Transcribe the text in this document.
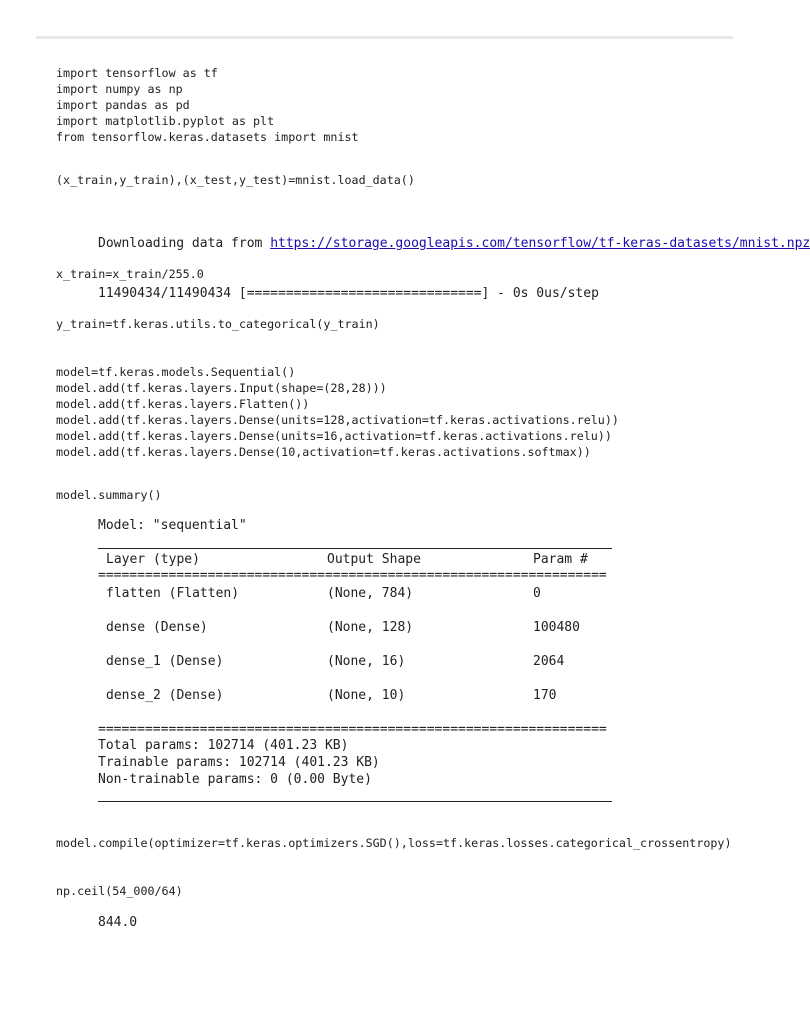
import tensorflow as tf
import numpy as np
import pandas as pd
import matplotlib.pyplot as plt
from tensorflow.keras.datasets import mnist
(x_train,y_train),(x_test,y_test)=mnist.load_data()

Downloading data from https://storage.googleapis.com/tensorflow/tf-keras-datasets/mnist.npz

11490434/11490434 [==============================] - 0s 0us/step

x_train=x_train/255.0
y_train=tf.keras.utils.to_categorical(y_train)
model=tf.keras.models.Sequential()
model.add(tf.keras.layers.Input(shape=(28,28)))
model.add(tf.keras.layers.Flatten())
model.add(tf.keras.layers.Dense(units=128,activation=tf.keras.activations.relu))
model.add(tf.keras.layers.Dense(units=16,activation=tf.keras.activations.relu))
model.add(tf.keras.layers.Dense(10,activation=tf.keras.activations.softmax))
model.summary()
Model: "sequential"
Layer (type)	Output Shape	Param #
=================================================================
flatten (Flatten)	(None, 784)	0
dense (Dense)	(None, 128)	100480
dense_1 (Dense)	(None, 16)	2064
dense_2 (Dense)	(None, 10)	170
=================================================================
Total params: 102714 (401.23 KB)
Trainable params: 102714 (401.23 KB)
Non-trainable params: 0 (0.00 Byte)
model.compile(optimizer=tf.keras.optimizers.SGD(),loss=tf.keras.losses.categorical_crossentropy)
np.ceil(54_000/64)
844.0
